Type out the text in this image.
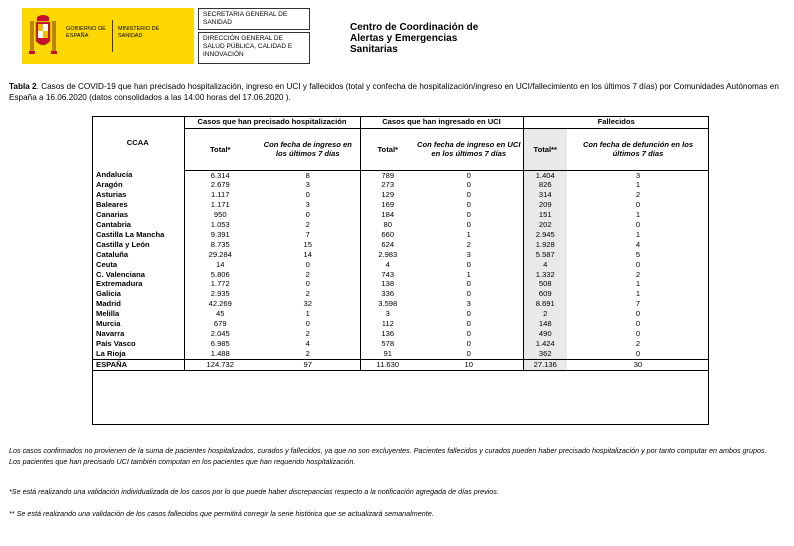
GOBIERNO DE ESPAÑA
MINISTERIO DE SANIDAD
SECRETARIA GENERAL DE SANIDAD
DIRECCIÓN GENERAL DE SALUD PÚBLICA, CALIDAD E INNOVACIÓN
Centro de Coordinación de Alertas y Emergencias Sanitarias
Tabla 2. Casos de COVID-19 que han precisado hospitalización, ingreso en UCI y fallecidos (total y confecha de hospitalización/ingreso en UCI/fallecimiento en los últimos 7 días) por Comunidades Autónomas en España a 16.06.2020 (datos consolidados a las 14:00 horas del 17.06.2020 ).
CCAA	Casos que han precisado hospitalización		Casos que han ingresado en UCI		Fallecidos	
	Total*	Con fecha de ingreso en los últimos 7 días	Total*	Con fecha de ingreso en UCI en los últimos 7 días	Total**	Con fecha de defunción en los últimos 7 días
Andalucía	6.314	8	789	0	1.404	3
Aragón	2.679	3	273	0	826	1
Asturias	1.117	0	129	0	314	2
Baleares	1.171	3	169	0	209	0
Canarias	950	0	184	0	151	1
Cantabria	1.053	2	80	0	202	0
Castilla La Mancha	9.391	7	660	1	2.945	1
Castilla y León	8.735	15	624	2	1.928	4
Cataluña	29.284	14	2.983	3	5.587	5
Ceuta	14	0	4	0	4	0
C. Valenciana	5.806	2	743	1	1.332	2
Extremadura	1.772	0	138	0	508	1
Galicia	2.935	2	336	0	609	1
Madrid	42.269	32	3.598	3	8.691	7
Melilla	45	1	3	0	2	0
Murcia	679	0	112	0	148	0
Navarra	2.045	2	136	0	490	0
País Vasco	6.985	4	578	0	1.424	2
La Rioja	1.488	2	91	0	362	0
ESPAÑA	124.732	97	11.630	10	27.136	30
Los casos confirmados no provienen de la suma de pacientes hospitalizados, curados y fallecidos, ya que no son excluyentes. Pacientes fallecidos y curados pueden haber precisado hospitalización y por tanto computar en ambos grupos. Los pacientes que han precisado UCI también computan en los pacientes que han requerido hospitalización.
*Se está realizando una validación individualizada de los casos por lo que puede haber discrepancias respecto a la notificación agregada de días previos.
** Se está realizando una validación de los casos fallecidos que permitirá corregir la serie histórica que se actualizará semanalmente.
